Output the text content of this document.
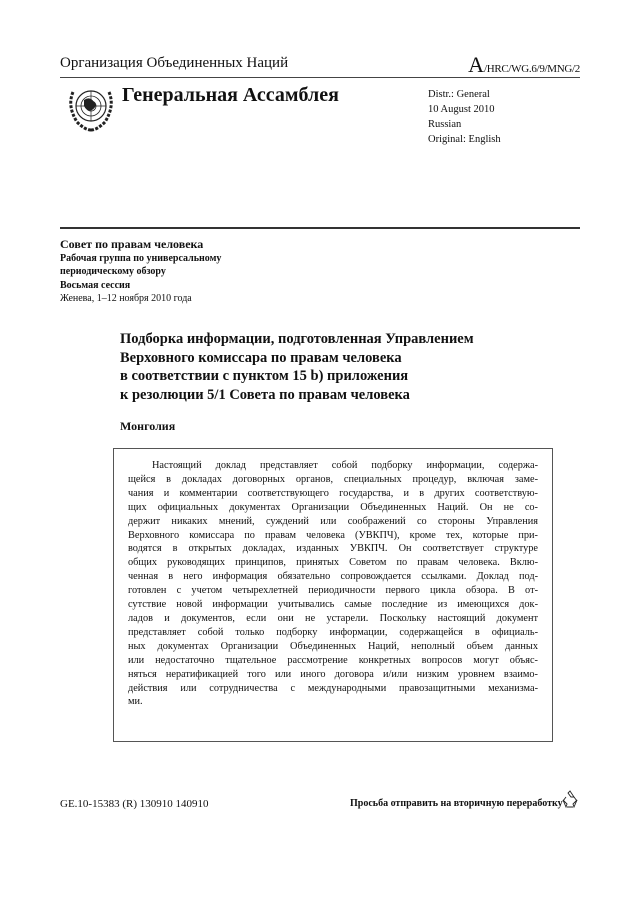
Организация Объединенных Наций	A/HRC/WG.6/9/MNG/2
Генеральная Ассамблея	Distr.: General
10 August 2010
Russian
Original: English
Совет по правам человека
Рабочая группа по универсальному
периодическому обзору
Восьмая сессия
Женева, 1–12 ноября 2010 года
Подборка информации, подготовленная Управлением
Верховного комиссара по правам человека
в соответствии с пунктом 15 b) приложения
к резолюции 5/1 Совета по правам человека
Монголия
Настоящий доклад представляет собой подборку информации, содержа-
щейся в докладах договорных органов, специальных процедур, включая заме-
чания и комментарии соответствующего государства, и в других соответствую-
щих официальных документах Организации Объединенных Наций. Он не со-
держит никаких мнений, суждений или соображений со стороны Управления
Верховного комиссара по правам человека (УВКПЧ), кроме тех, которые при-
водятся в открытых докладах, изданных УВКПЧ. Он соответствует структуре
общих руководящих принципов, принятых Советом по правам человека. Вклю-
ченная в него информация обязательно сопровождается ссылками. Доклад под-
готовлен с учетом четырехлетней периодичности первого цикла обзора. В от-
сутствие новой информации учитывались самые последние из имеющихся док-
ладов и документов, если они не устарели. Поскольку настоящий документ
представляет собой только подборку информации, содержащейся в официаль-
ных документах Организации Объединенных Наций, неполный объем данных
или недостаточно тщательное рассмотрение конкретных вопросов могут объяс-
няться нератификацией того или иного договора и/или низким уровнем взаимо-
действия или сотрудничества с международными правозащитными механизма-
ми.
GE.10-15383 (R) 130910 140910	Просьба отправить на вторичную переработку
